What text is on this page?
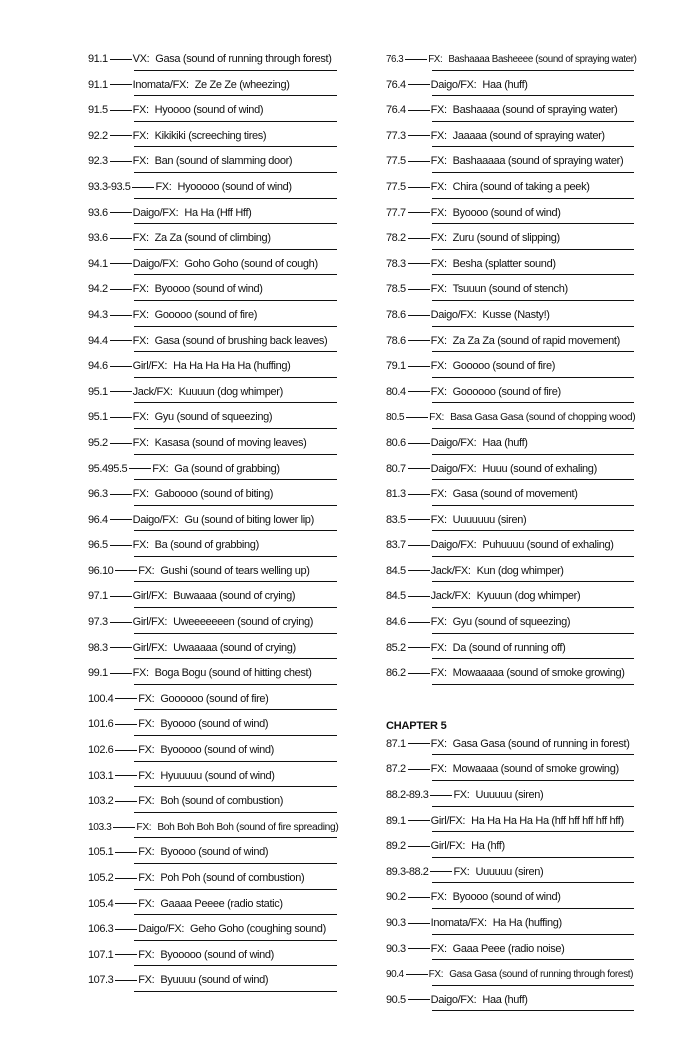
91.1 VX: Gasa (sound of running through forest)
91.1 Inomata/FX: Ze Ze Ze (wheezing)
91.5 FX: Hyoooo (sound of wind)
92.2 FX: Kikikiki (screeching tires)
92.3 FX: Ban (sound of slamming door)
93.3-93.5 FX: Hyooooo (sound of wind)
93.6 Daigo/FX: Ha Ha (Hff Hff)
93.6 FX: Za Za (sound of climbing)
94.1 Daigo/FX: Goho Goho (sound of cough)
94.2 FX: Byoooo (sound of wind)
94.3 FX: Gooooo (sound of fire)
94.4 FX: Gasa (sound of brushing back leaves)
94.6 Girl/FX: Ha Ha Ha Ha Ha (huffing)
95.1 Jack/FX: Kuuuun (dog whimper)
95.1 FX: Gyu (sound of squeezing)
95.2 FX: Kasasa (sound of moving leaves)
95.495.5 FX: Ga (sound of grabbing)
96.3 FX: Gaboooo (sound of biting)
96.4 Daigo/FX: Gu (sound of biting lower lip)
96.5 FX: Ba (sound of grabbing)
96.10 FX: Gushi (sound of tears welling up)
97.1 Girl/FX: Buwaaaa (sound of crying)
97.3 Girl/FX: Uweeeeeeen (sound of crying)
98.3 Girl/FX: Uwaaaaa (sound of crying)
99.1 FX: Boga Bogu (sound of hitting chest)
100.4 FX: Goooooo (sound of fire)
101.6 FX: Byoooo (sound of wind)
102.6 FX: Byooooo (sound of wind)
103.1 FX: Hyuuuuu (sound of wind)
103.2 FX: Boh (sound of combustion)
103.3 FX: Boh Boh Boh Boh (sound of fire spreading)
105.1 FX: Byoooo (sound of wind)
105.2 FX: Poh Poh (sound of combustion)
105.4 FX: Gaaaa Peeee (radio static)
106.3 Daigo/FX: Geho Goho (coughing sound)
107.1 FX: Byooooo (sound of wind)
107.3 FX: Byuuuu (sound of wind)
76.3	FX: Bashaaaa Basheeee (sound of spraying water)
76.4 Daigo/FX: Haa (huff)
76.4 FX: Bashaaaa (sound of spraying water)
77.3 FX: Jaaaaa (sound of spraying water)
77.5 FX: Bashaaaaa (sound of spraying water)
77.5 FX: Chira (sound of taking a peek)
77.7 FX: Byoooo (sound of wind)
78.2 FX: Zuru (sound of slipping)
78.3 FX: Besha (splatter sound)
78.5 FX: Tsuuun (sound of stench)
78.6 Daigo/FX: Kusse (Nasty!)
78.6 FX: Za Za Za (sound of rapid movement)
79.1 FX: Gooooo (sound of fire)
80.4 FX: Goooooo (sound of fire)
80.5 FX: Basa Gasa Gasa (sound of chopping wood)
80.6 Daigo/FX: Haa (huff)
80.7 Daigo/FX: Huuu (sound of exhaling)
81.3 FX: Gasa (sound of movement)
83.5 FX: Uuuuuuu (siren)
83.7 Daigo/FX: Puhuuuu (sound of exhaling)
84.5 Jack/FX: Kun (dog whimper)
84.5 Jack/FX: Kyuuun (dog whimper)
84.6 FX: Gyu (sound of squeezing)
85.2 FX: Da (sound of running off)
86.2 FX: Mowaaaaa (sound of smoke growing)
CHAPTER 5
87.1 FX: Gasa Gasa (sound of running in forest)
87.2 FX: Mowaaaa (sound of smoke growing)
88.2-89.3 FX: Uuuuuu (siren)
89.1 Girl/FX: Ha Ha Ha Ha Ha (hff hff hff hff hff)
89.2 Girl/FX: Ha (hff)
89.3-88.2 FX: Uuuuuu (siren)
90.2 FX: Byoooo (sound of wind)
90.3 Inomata/FX: Ha Ha (huffing)
90.3 FX: Gaaa Peee (radio noise)
90.4	FX: Gasa Gasa (sound of running through forest)
90.5 Daigo/FX: Haa (huff)
